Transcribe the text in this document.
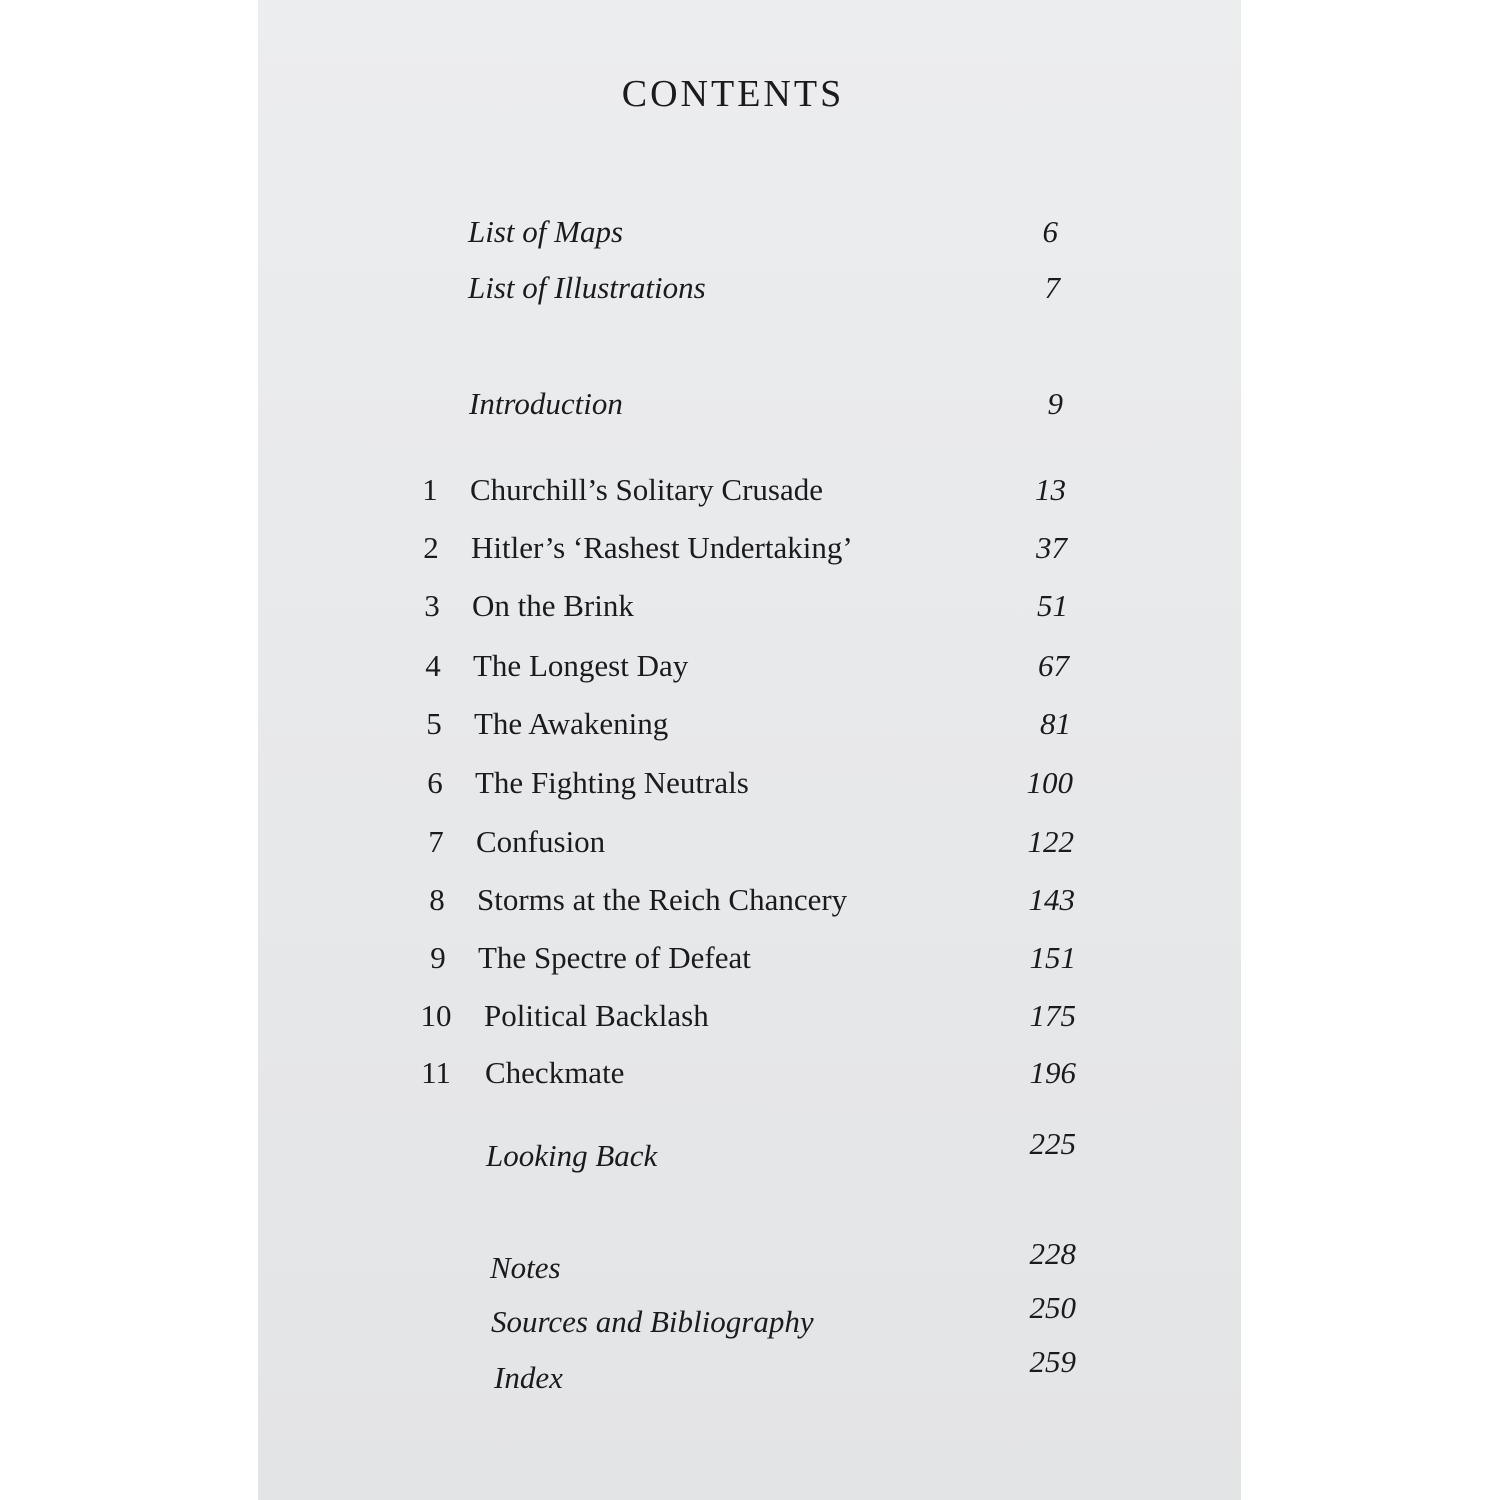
CONTENTS
List of Maps	6
List of Illustrations	7
Introduction	9
1	Churchill’s Solitary Crusade	13
2	Hitler’s ‘Rashest Undertaking’	37
3	On the Brink	51
4	The Longest Day	67
5	The Awakening	81
6	The Fighting Neutrals	100
7	Confusion	122
8	Storms at the Reich Chancery	143
9	The Spectre of Defeat	151
10 Political Backlash	175
11 Checkmate	196
Looking Back	225
Notes	228
Sources and Bibliography	250
Index	259
